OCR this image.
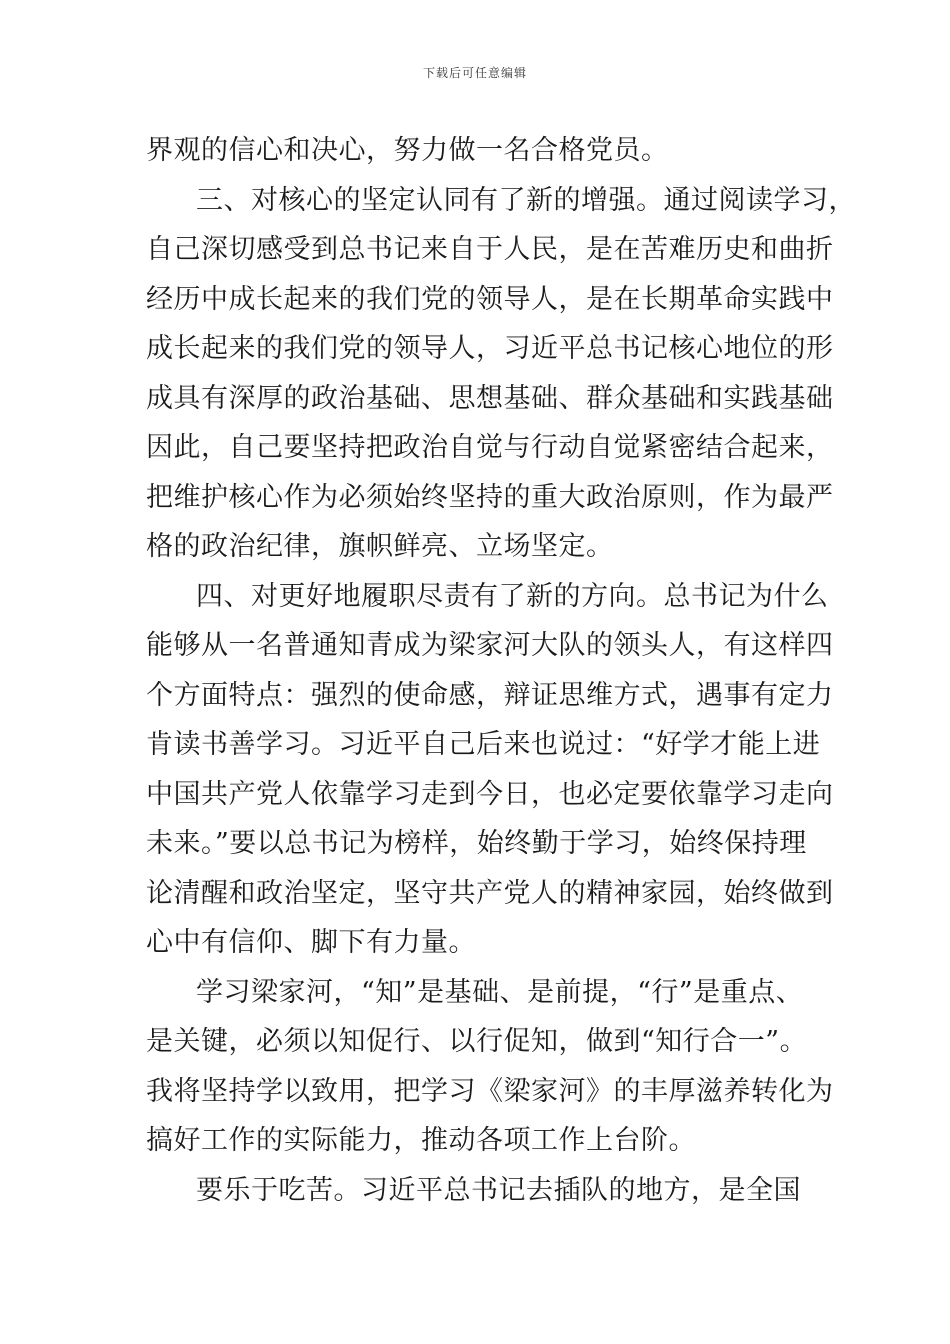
下载后可任意编辑
界观的信心和决心，努力做一名合格党员。
三、对核心的坚定认同有了新的增强。通过阅读学习，
自己深切感受到总书记来自于人民，是在苦难历史和曲折
经历中成长起来的我们党的领导人，是在长期革命实践中
成长起来的我们党的领导人，习近平总书记核心地位的形
成具有深厚的政治基础、思想基础、群众基础和实践基础
因此，自己要坚持把政治自觉与行动自觉紧密结合起来，
把维护核心作为必须始终坚持的重大政治原则，作为最严
格的政治纪律，旗帜鲜亮、立场坚定。
四、对更好地履职尽责有了新的方向。总书记为什么
能够从一名普通知青成为梁家河大队的领头人，有这样四
个方面特点：强烈的使命感，辩证思维方式，遇事有定力
肯读书善学习。习近平自己后来也说过：“好学才能上进
中国共产党人依靠学习走到今日，也必定要依靠学习走向
未来。”要以总书记为榜样，始终勤于学习，始终保持理
论清醒和政治坚定，坚守共产党人的精神家园，始终做到
心中有信仰、脚下有力量。
学习梁家河，“知”是基础、是前提，“行”是重点、
是关键，必须以知促行、以行促知，做到“知行合一”。
我将坚持学以致用，把学习《梁家河》的丰厚滋养转化为
搞好工作的实际能力，推动各项工作上台阶。
要乐于吃苦。习近平总书记去插队的地方，是全国
